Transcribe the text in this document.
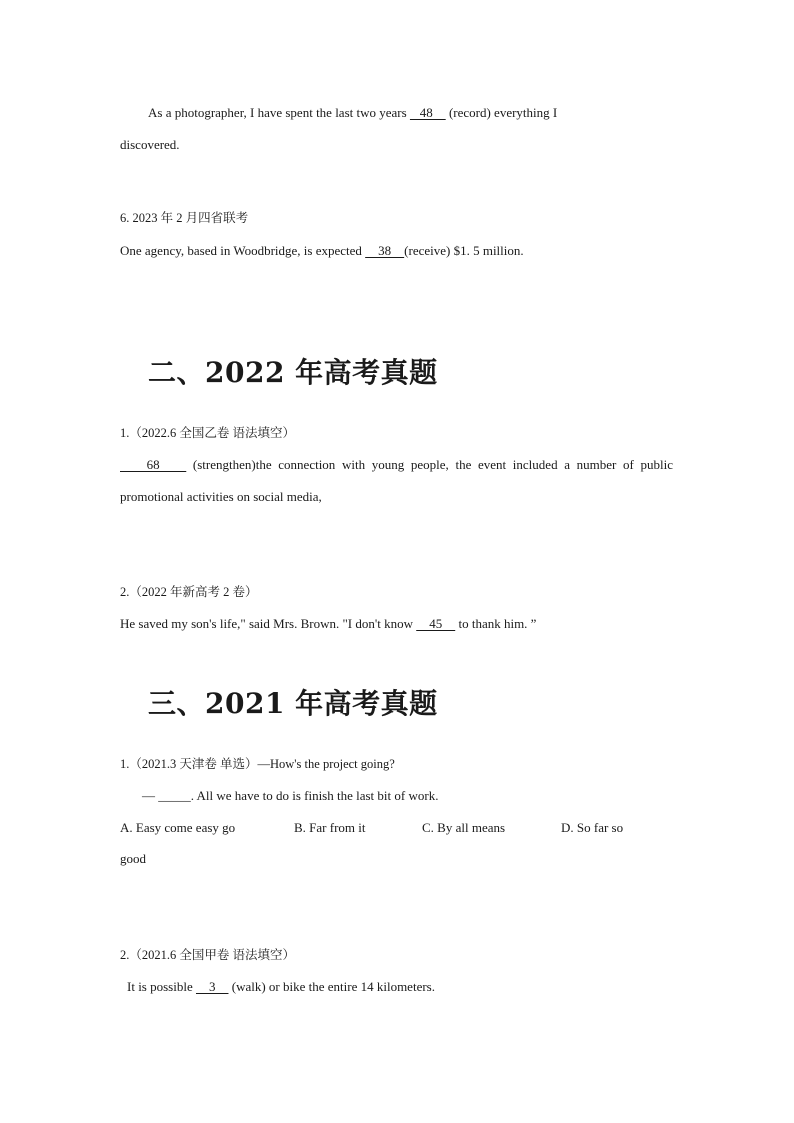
As a photographer, I have spent the last two years    48     (record) everything I
discovered.
6. 2023 年 2 月四省联考
One agency, based in Woodbridge, is expected     38    (receive) $1. 5 million.
二、2022 年高考真题
1.（2022.6 全国乙卷 语法填空）
68     (strengthen)the connection with young people, the event included a number of public
promotional activities on social media,
2.（2022 年新高考 2 卷）
He saved my son's life," said Mrs. Brown. "I don't know     45     to thank him. ”
三、2021 年高考真题
1.（2021.3 天津卷 单选）—How's the project going?
— _____. All we have to do is finish the last bit of work.
A. Easy come easy go	B. Far from it	C. By all means	D. So far so
good
2.（2021.6 全国甲卷 语法填空）
It is possible     3     (walk) or bike the entire 14 kilometers.
